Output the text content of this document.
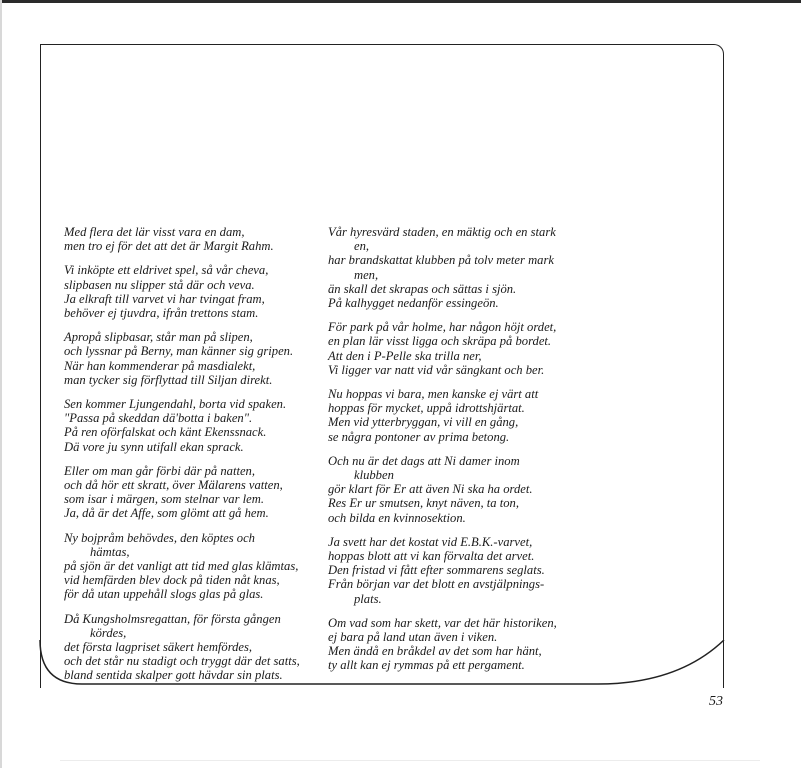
Med flera det lär visst vara en dam,
men tro ej för det att det är Margit Rahm.
Vi inköpte ett eldrivet spel, så vår cheva,
slipbasen nu slipper stå där och veva.
Ja elkraft till varvet vi har tvingat fram,
behöver ej tjuvdra, ifrån trettons stam.
Apropå slipbasar, står man på slipen,
och lyssnar på Berny, man känner sig gripen.
När han kommenderar på masdialekt,
man tycker sig förflyttad till Siljan direkt.
Sen kommer Ljungendahl, borta vid spaken.
"Passa på skeddan dä'botta i baken".
På ren oförfalskat och känt Ekenssnack.
Dä vore ju synn utifall ekan sprack.
Eller om man går förbi där på natten,
och då hör ett skratt, över Mälarens vatten,
som isar i märgen, som stelnar var lem.
Ja, då är det Affe, som glömt att gå hem.
Ny bojpråm behövdes, den köptes och
hämtas,
på sjön är det vanligt att tid med glas klämtas,
vid hemfärden blev dock på tiden nåt knas,
för då utan uppehåll slogs glas på glas.
Då Kungsholmsregattan, för första gången
kördes,
det första lagpriset säkert hemfördes,
och det står nu stadigt och tryggt där det satts,
bland sentida skalper gott hävdar sin plats.
Vår hyresvärd staden, en mäktig och en stark
en,
har brandskattat klubben på tolv meter mark
men,
än skall det skrapas och sättas i sjön.
På kalhygget nedanför essingeön.
För park på vår holme, har någon höjt ordet,
en plan lär visst ligga och skräpa på bordet.
Att den i P-Pelle ska trilla ner,
Vi ligger var natt vid vår sängkant och ber.
Nu hoppas vi bara, men kanske ej värt att
hoppas för mycket, uppå idrottshjärtat.
Men vid ytterbryggan, vi vill en gång,
se några pontoner av prima betong.
Och nu är det dags att Ni damer inom
klubben
gör klart för Er att även Ni ska ha ordet.
Res Er ur smutsen, knyt näven, ta ton,
och bilda en kvinnosektion.
Ja svett har det kostat vid E.B.K.-varvet,
hoppas blott att vi kan förvalta det arvet.
Den fristad vi fått efter sommarens seglats.
Från början var det blott en avstjälpnings-
plats.
Om vad som har skett, var det här historiken,
ej bara på land utan även i viken.
Men ändå en bråkdel av det som har hänt,
ty allt kan ej rymmas på ett pergament.
53
